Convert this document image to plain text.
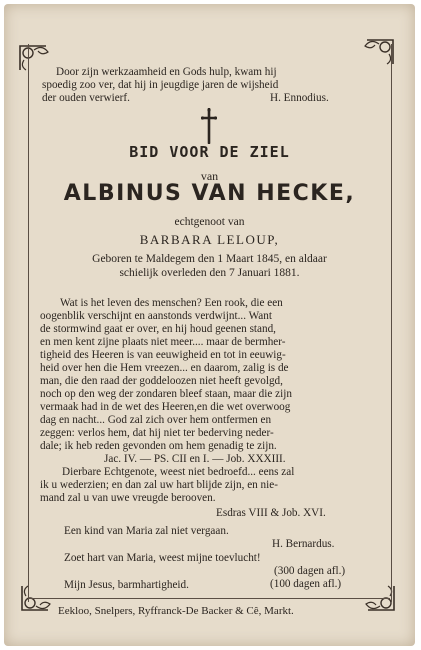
Door zijn werkzaamheid en Gods hulp, kwam hij
spoedig zoo ver, dat hij in jeugdige jaren de wijsheid
der ouden verwierf.	H. Ennodius.
BID VOOR DE ZIEL
van
ALBINUS VAN HECKE,
echtgenoot van
BARBARA LELOUP,
Geboren te Maldegem den 1 Maart 1845, en aldaar
schielijk overleden den 7 Januari 1881.
Wat is het leven des menschen? Een rook, die een
oogenblik verschijnt en aanstonds verdwijnt... Want
de stormwind gaat er over, en hij houd geenen stand,
en men kent zijne plaats niet meer.... maar de bermher-
tigheid des Heeren is van eeuwigheid en tot in eeuwig-
heid over hen die Hem vreezen... en daarom, zalig is de
man, die den raad der goddeloozen niet heeft gevolgd,
noch op den weg der zondaren bleef staan, maar die zijn
vermaak had in de wet des Heeren,en die wet overwoog
dag en nacht... God zal zich over hem ontfermen en
zeggen: verlos hem, dat hij niet ter bederving neder-
dale; ik heb reden gevonden om hem genadig te zijn.
Jac. IV. — PS. CII en I. — Job. XXXIII.
Dierbare Echtgenote, weest niet bedroefd... eens zal
ik u wederzien; en dan zal uw hart blijde zijn, en nie-
mand zal u van uwe vreugde berooven.
Esdras VIII & Job. XVI.
Een kind van Maria zal niet vergaan.
H. Bernardus.
Zoet hart van Maria, weest mijne toevlucht!
(300 dagen afl.)
Mijn Jesus, barmhartigheid.	(100 dagen afl.)
Eekloo, Snelpers, Ryffranck-De Backer & Cê, Markt.
